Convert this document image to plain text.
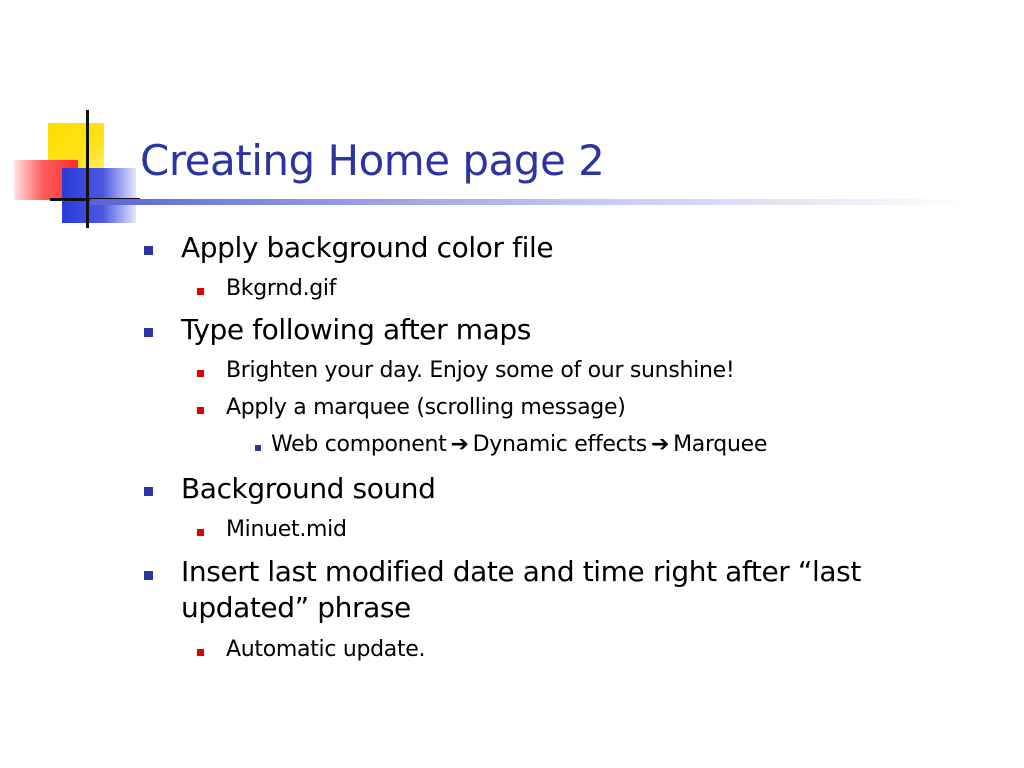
Creating Home page 2
Apply background color file
Bkgrnd.gif
Type following after maps
Brighten your day. Enjoy some of our sunshine!
Apply a marquee (scrolling message)
Web component ➔ Dynamic effects ➔ Marquee
Background sound
Minuet.mid
Insert last modified date and time right after “last updated” phrase
Automatic update.
